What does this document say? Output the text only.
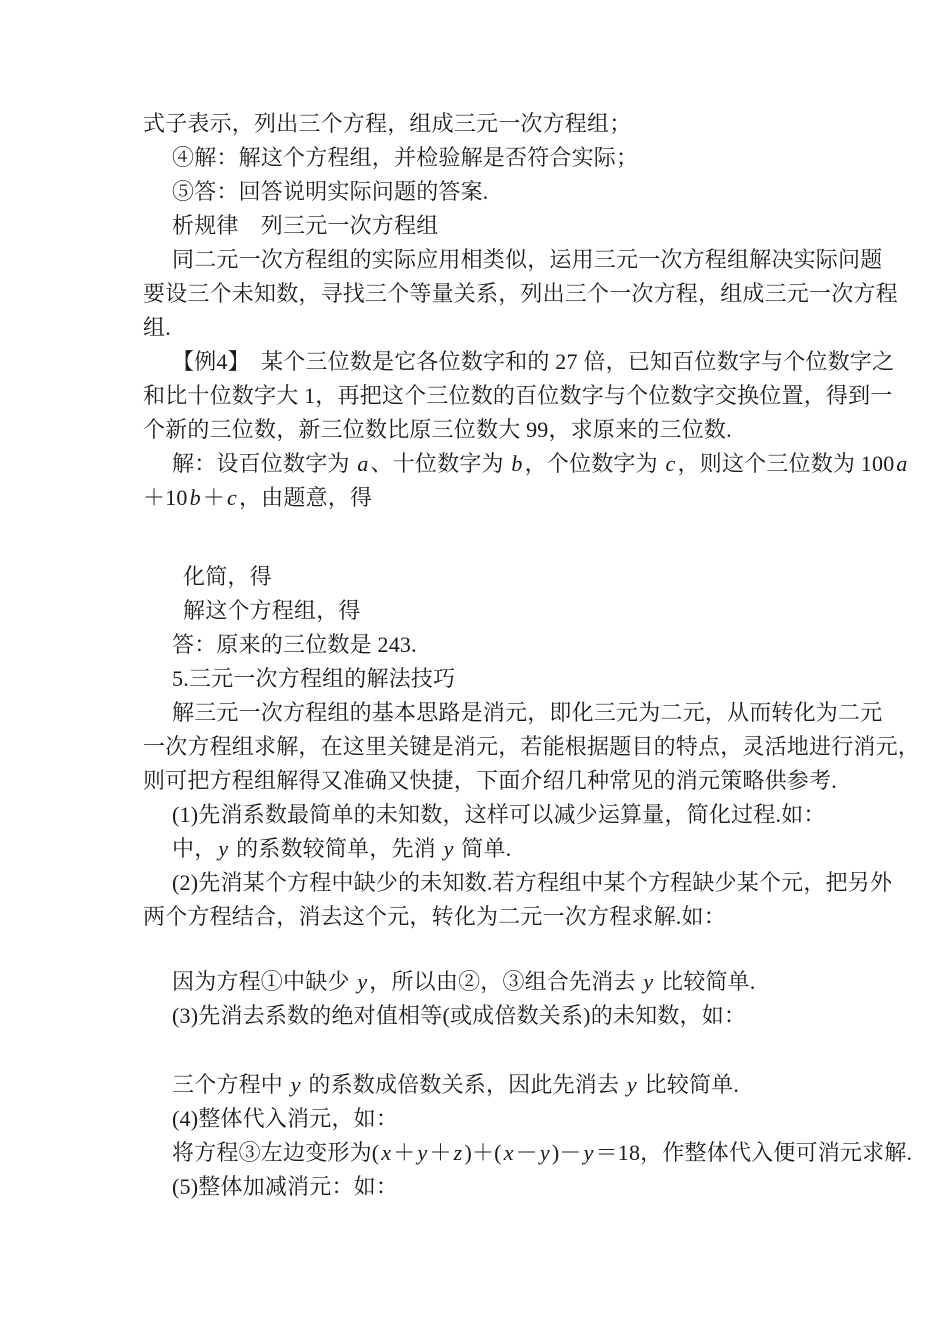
式子表示，列出三个方程，组成三元一次方程组；
④解：解这个方程组，并检验解是否符合实际；
⑤答：回答说明实际问题的答案.
析规律　列三元一次方程组
同二元一次方程组的实际应用相类似，运用三元一次方程组解决实际问题
要设三个未知数，寻找三个等量关系，列出三个一次方程，组成三元一次方程
组.
【例4】　某个三位数是它各位数字和的 27 倍，已知百位数字与个位数字之
和比十位数字大 1，再把这个三位数的百位数字与个位数字交换位置，得到一
个新的三位数，新三位数比原三位数大 99，求原来的三位数.
解：设百位数字为 a、十位数字为 b，个位数字为 c，则这个三位数为 100a
＋10b＋c，由题意，得
化简，得
解这个方程组，得
答：原来的三位数是 243.
5.三元一次方程组的解法技巧
解三元一次方程组的基本思路是消元，即化三元为二元，从而转化为二元
一次方程组求解，在这里关键是消元，若能根据题目的特点，灵活地进行消元，
则可把方程组解得又准确又快捷，下面介绍几种常见的消元策略供参考.
(1)先消系数最简单的未知数，这样可以减少运算量，简化过程.如：
中，y 的系数较简单，先消 y 简单.
(2)先消某个方程中缺少的未知数.若方程组中某个方程缺少某个元，把另外
两个方程结合，消去这个元，转化为二元一次方程求解.如：
因为方程①中缺少 y，所以由②，③组合先消去 y 比较简单.
(3)先消去系数的绝对值相等(或成倍数关系)的未知数，如：
三个方程中 y 的系数成倍数关系，因此先消去 y 比较简单.
(4)整体代入消元，如：
将方程③左边变形为(x＋y＋z)＋(x－y)－y＝18，作整体代入便可消元求解.
(5)整体加减消元：如：
